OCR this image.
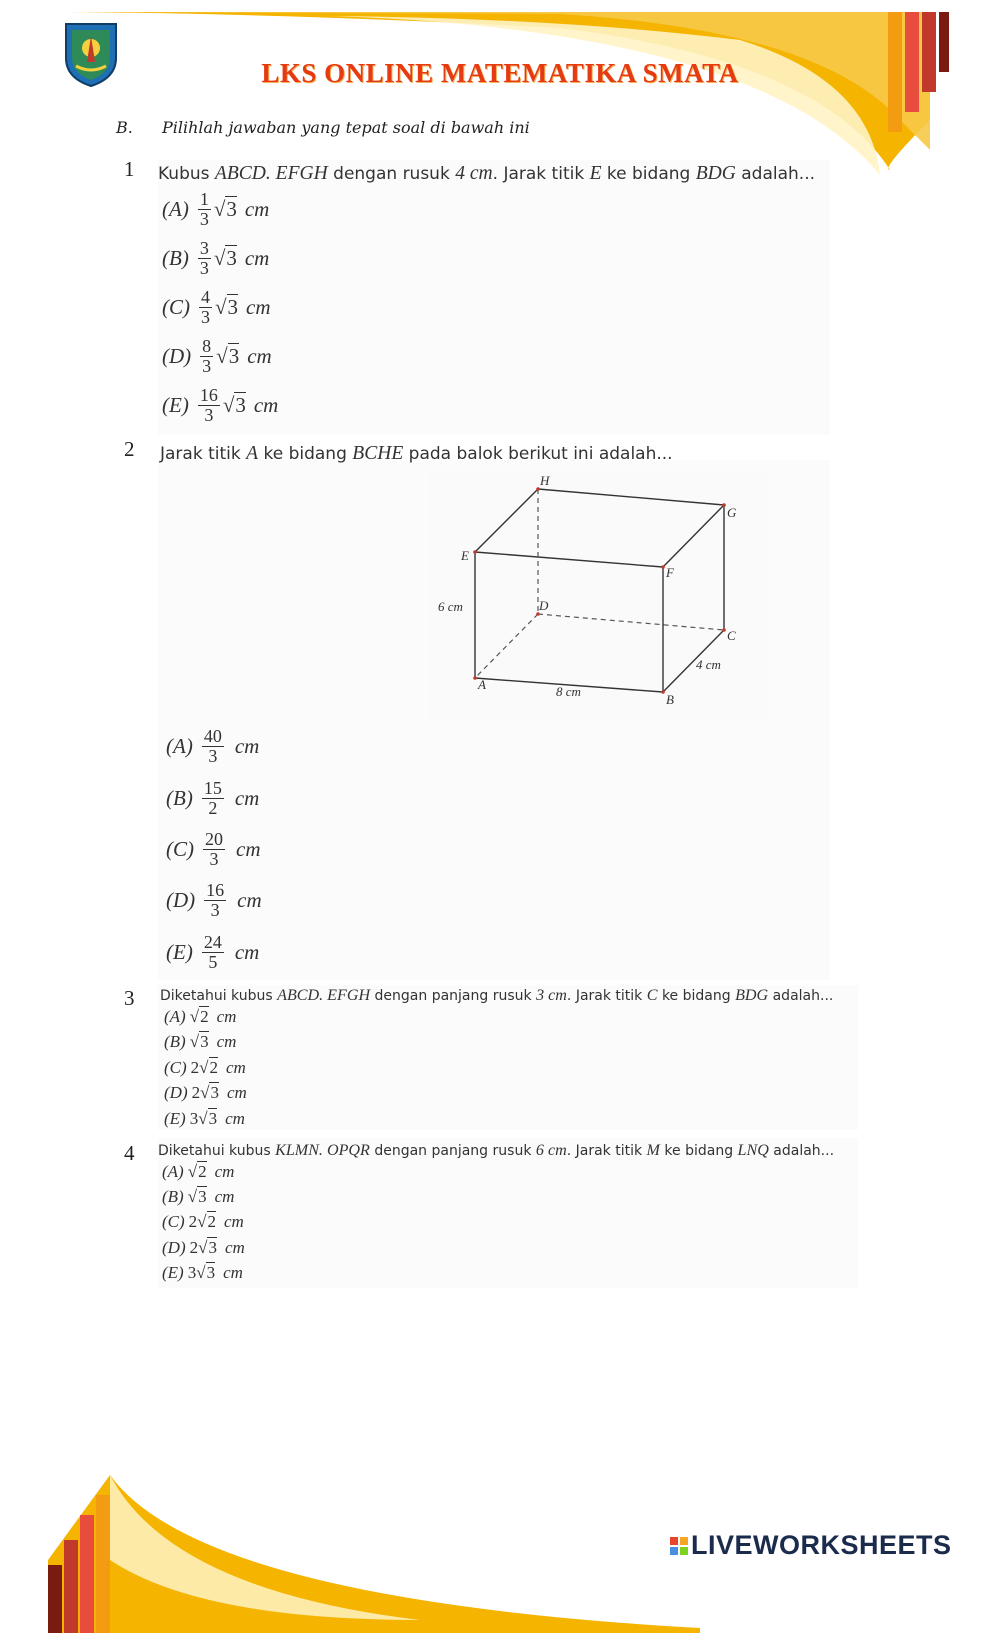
LKS ONLINE MATEMATIKA SMATA
B. Pilihlah jawaban yang tepat soal di bawah ini
1 Kubus ABCD. EFGH dengan rusuk 4 cm. Jarak titik E ke bidang BDG adalah...
$(A) \frac{1}{3} √3$ cm
$(B) \frac{3}{3} √3$ cm
$(C) \frac{4}{3} √3$ cm
$(D) \frac{8}{3} √3$ cm
$(E) \frac{16}{3} √3$ cm
2 Jarak titik A ke bidang BCHE pada balok berikut ini adalah...
A
B
C
D
E
F
G
H
6 cm
8 cm
4 cm
$(A) \frac{40}{3}$ cm
$(B) \frac{15}{2}$ cm
$(C) \frac{20}{3}$ cm
$(D) \frac{16}{3}$ cm
$(E) \frac{24}{5}$ cm
3 Diketahui kubus ABCD. EFGH dengan panjang rusuk 3 cm. Jarak titik C ke bidang BDG adalah...
(A) √2 cm
(B) √3 cm
(C) 2 √2 cm
(D) 2 √3 cm
(E) 3 √3 cm
4 Diketahui kubus KLMN. OPQR dengan panjang rusuk 6 cm. Jarak titik M ke bidang LNQ adalah...
(A) √2 cm
(B) √3 cm
(C) 2 √2 cm
(D) 2 √3 cm
(E) 3 √3 cm
LIVEWORKSHEETS
